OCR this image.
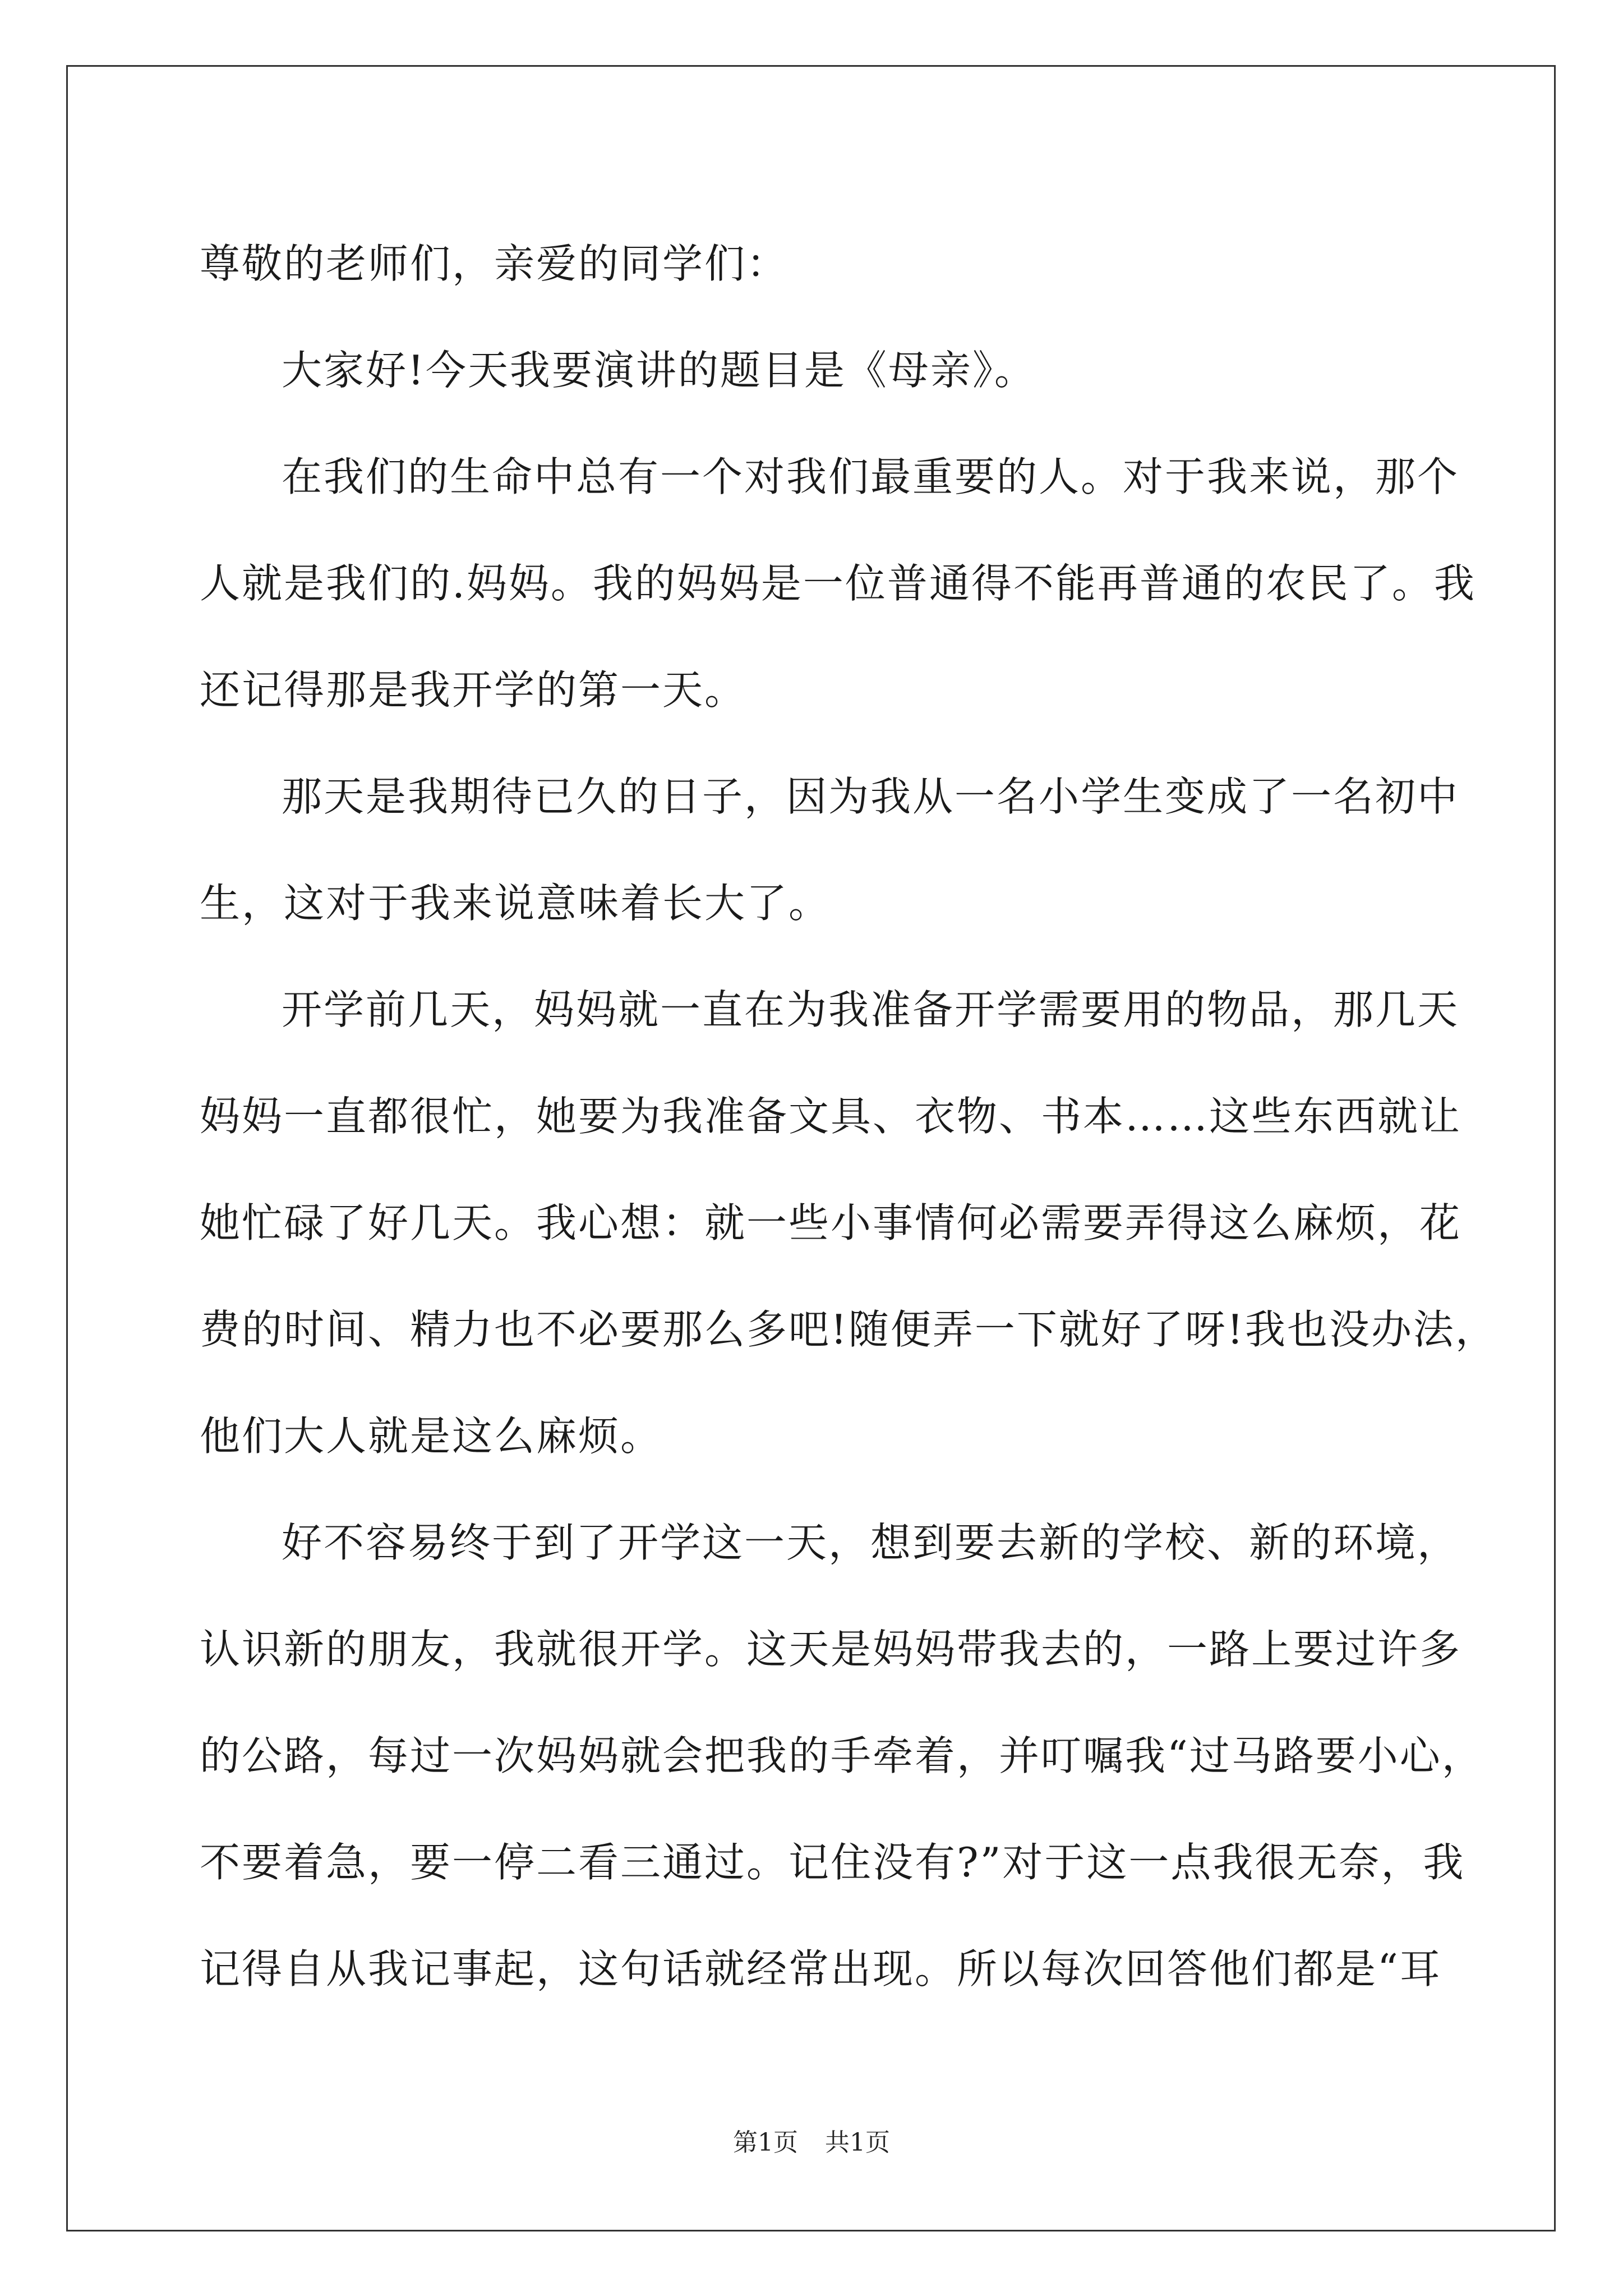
尊敬的老师们，亲爱的同学们：
大家好!今天我要演讲的题目是《母亲》。
在我们的生命中总有一个对我们最重要的人。对于我来说，那个
人就是我们的.妈妈。我的妈妈是一位普通得不能再普通的农民了。我
还记得那是我开学的第一天。
那天是我期待已久的日子，因为我从一名小学生变成了一名初中
生，这对于我来说意味着长大了。
开学前几天，妈妈就一直在为我准备开学需要用的物品，那几天
妈妈一直都很忙，她要为我准备文具、衣物、书本……这些东西就让
她忙碌了好几天。我心想：就一些小事情何必需要弄得这么麻烦，花
费的时间、精力也不必要那么多吧!随便弄一下就好了呀!我也没办法，
他们大人就是这么麻烦。
好不容易终于到了开学这一天，想到要去新的学校、新的环境，
认识新的朋友，我就很开学。这天是妈妈带我去的，一路上要过许多
的公路，每过一次妈妈就会把我的手牵着，并叮嘱我“过马路要小心，
不要着急，要一停二看三通过。记住没有?”对于这一点我很无奈，我
记得自从我记事起，这句话就经常出现。所以每次回答他们都是“耳
第1页 共1页
